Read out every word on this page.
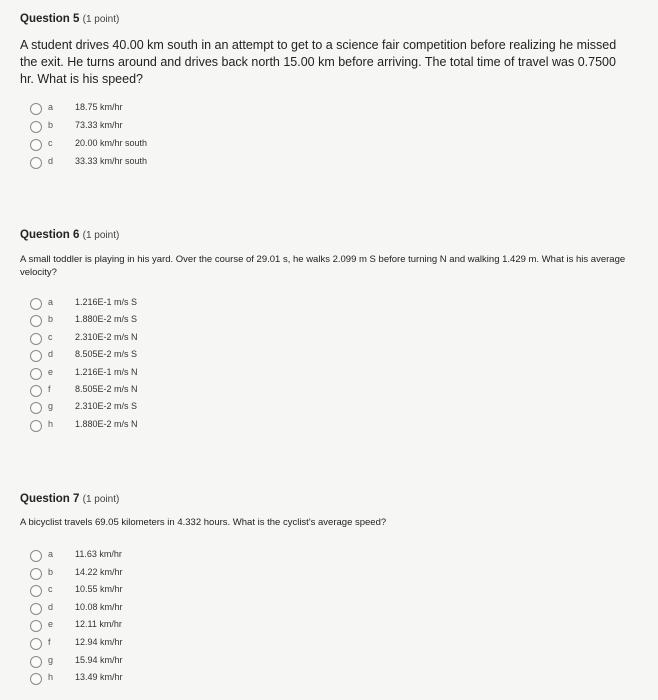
Question 5 (1 point)
A student drives 40.00 km south in an attempt to get to a science fair competition before realizing he missed the exit. He turns around and drives back north 15.00 km before arriving. The total time of travel was 0.7500 hr. What is his speed?
a 18.75 km/hr
b 73.33 km/hr
c	20.00 km/hr south
d 33.33 km/hr south
Question 6 (1 point)
A small toddler is playing in his yard. Over the course of 29.01 s, he walks 2.099 m S before turning N and walking 1.429 m. What is his average velocity?
a 1.216E-1 m/s S
b 1.880E-2 m/s S
c	2.310E-2 m/s N
d 8.505E-2 m/s S
e 1.216E-1 m/s N
f	8.505E-2 m/s N
g 2.310E-2 m/s S
h 1.880E-2 m/s N
Question 7 (1 point)
A bicyclist travels 69.05 kilometers in 4.332 hours. What is the cyclist's average speed?
a 11.63 km/hr
b 14.22 km/hr
c	10.55 km/hr
d 10.08 km/hr
e 12.11 km/hr
f	12.94 km/hr
g 15.94 km/hr
h 13.49 km/hr
